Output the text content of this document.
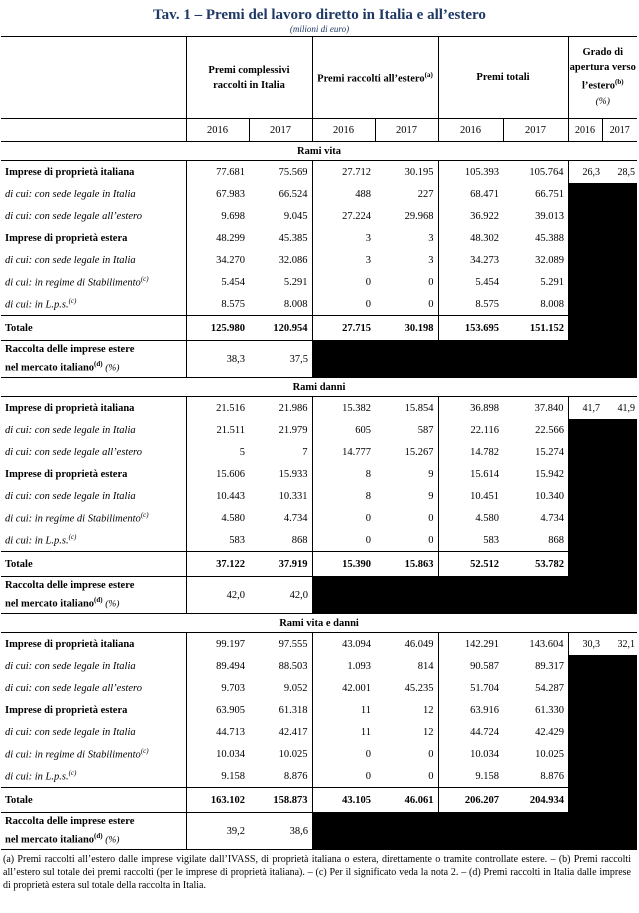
Tav. 1 – Premi del lavoro diretto in Italia e all’estero
(milioni di euro)
	Premi complessivi raccolti in Italia		Premi raccolti all’estero$^{(a)}$		Premi totali		Grado di apertura verso l’estero$^{(b)}$
(%)	
	2016	2017	2016	2017	2016	2017	2016	2017
Rami vita								
Imprese di proprietà italiana	77.681	75.569	27.712	30.195	105.393	105.764	26,3	28,5
di cui: con sede legale in Italia	67.983	66.524	488	227	68.471	66.751		
di cui: con sede legale all’estero	9.698	9.045	27.224	29.968	36.922	39.013		
Imprese di proprietà estera	48.299	45.385	3	3	48.302	45.388		
di cui: con sede legale in Italia	34.270	32.086	3	3	34.273	32.089		
di cui: in regime di Stabilimento$^{(c)}$	5.454	5.291	0	0	5.454	5.291		
di cui: in L.p.s.$^{(c)}$	8.575	8.008	0	0	8.575	8.008		
Totale	125.980	120.954	27.715	30.198	153.695	151.152		
Raccolta delle imprese estere
nel mercato italiano$^{(d)}$ (%)	38,3	37,5						
Rami danni								
Imprese di proprietà italiana	21.516	21.986	15.382	15.854	36.898	37.840	41,7	41,9
di cui: con sede legale in Italia	21.511	21.979	605	587	22.116	22.566		
di cui: con sede legale all’estero	5	7	14.777	15.267	14.782	15.274		
Imprese di proprietà estera	15.606	15.933	8	9	15.614	15.942		
di cui: con sede legale in Italia	10.443	10.331	8	9	10.451	10.340		
di cui: in regime di Stabilimento$^{(c)}$	4.580	4.734	0	0	4.580	4.734		
di cui: in L.p.s.$^{(c)}$	583	868	0	0	583	868		
Totale	37.122	37.919	15.390	15.863	52.512	53.782		
Raccolta delle imprese estere
nel mercato italiano$^{(d)}$ (%)	42,0	42,0						
Rami vita e danni								
Imprese di proprietà italiana	99.197	97.555	43.094	46.049	142.291	143.604	30,3	32,1
di cui: con sede legale in Italia	89.494	88.503	1.093	814	90.587	89.317		
di cui: con sede legale all’estero	9.703	9.052	42.001	45.235	51.704	54.287		
Imprese di proprietà estera	63.905	61.318	11	12	63.916	61.330		
di cui: con sede legale in Italia	44.713	42.417	11	12	44.724	42.429		
di cui: in regime di Stabilimento$^{(c)}$	10.034	10.025	0	0	10.034	10.025		
di cui: in L.p.s.$^{(c)}$	9.158	8.876	0	0	9.158	8.876		
Totale	163.102	158.873	43.105	46.061	206.207	204.934		
Raccolta delle imprese estere
nel mercato italiano$^{(d)}$ (%)	39,2	38,6						
(a) Premi raccolti all’estero dalle imprese vigilate dall’IVASS, di proprietà italiana o estera, direttamente o tramite controllate estere. – (b) Premi raccolti all’estero sul totale dei premi raccolti (per le imprese di proprietà italiana). – (c) Per il significato veda la nota 2. – (d) Premi raccolti in Italia dalle imprese di proprietà estera sul totale della raccolta in Italia.
